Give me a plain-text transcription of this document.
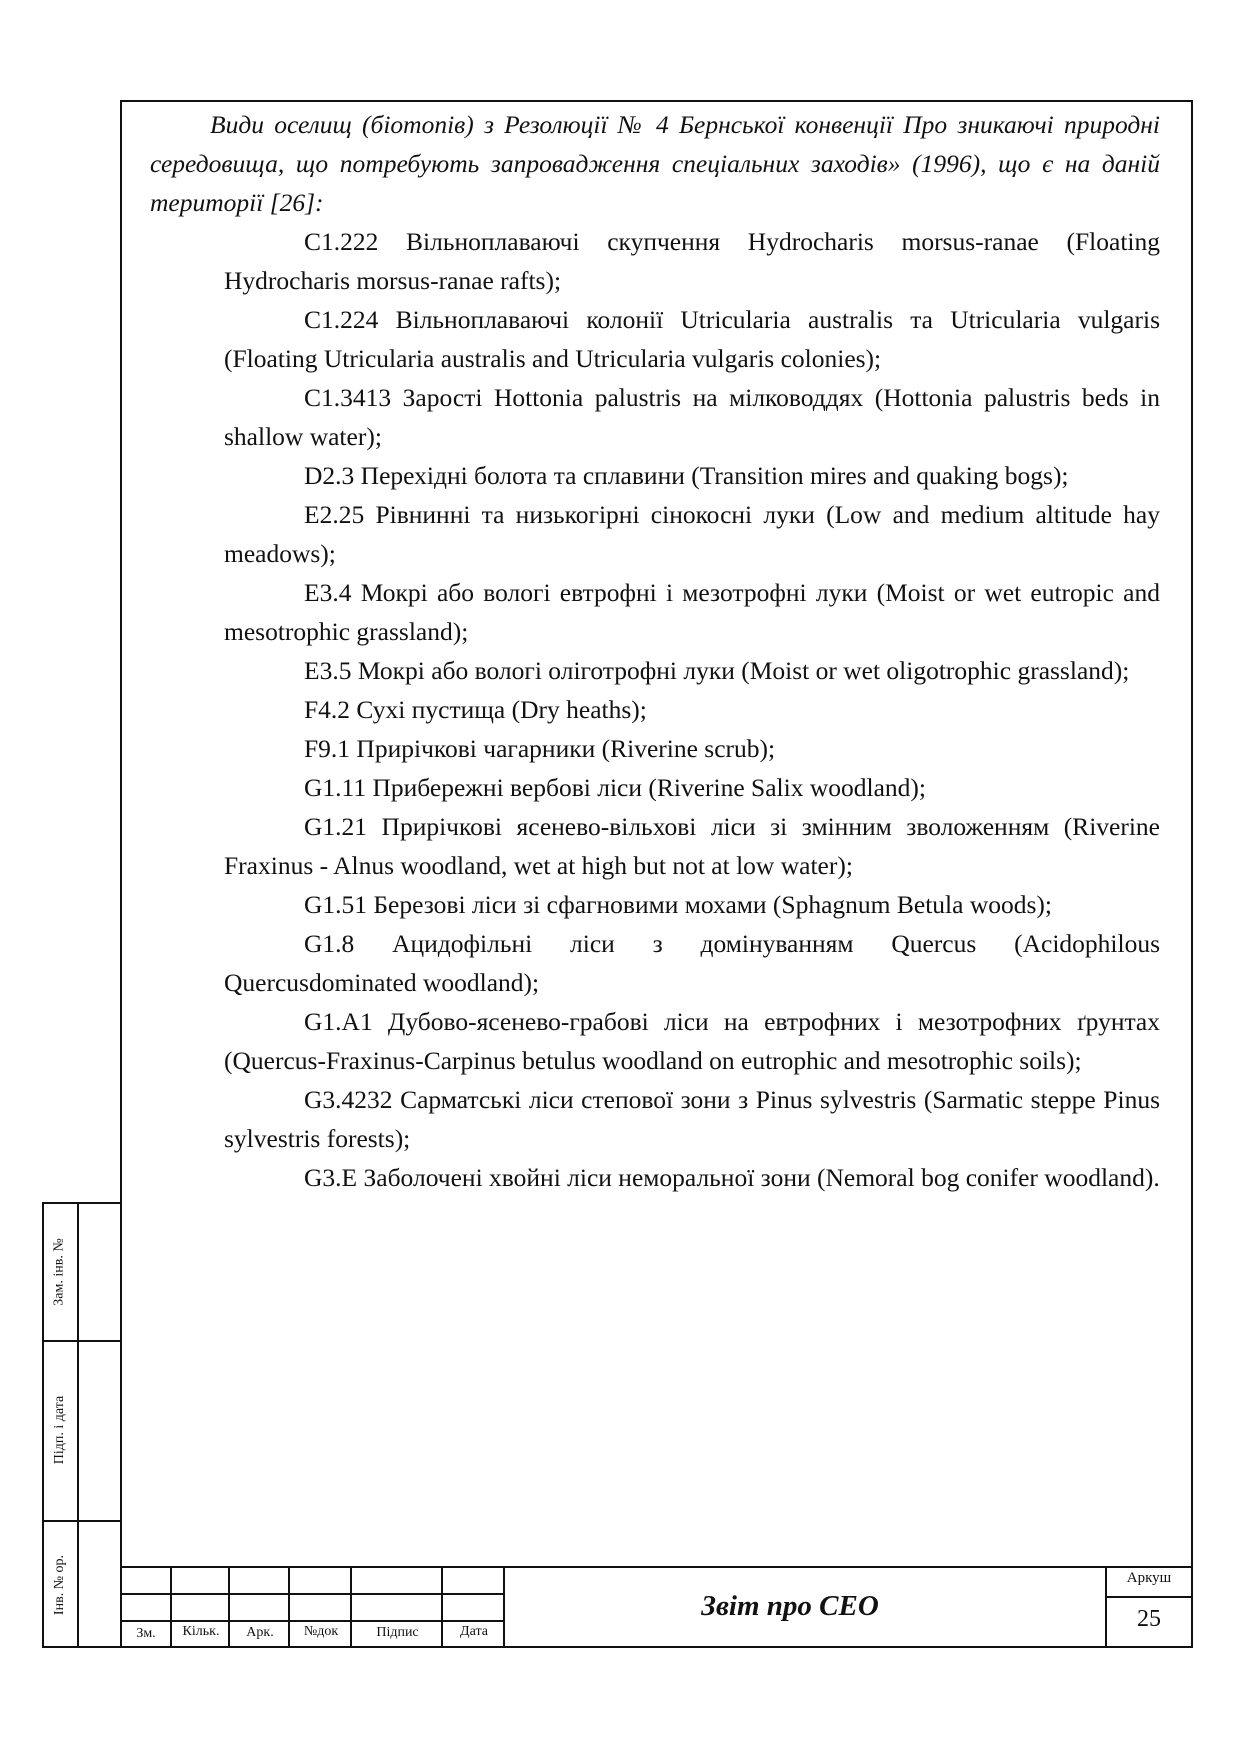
Види оселищ (біотопів) з Резолюції № 4 Бернської конвенції Про зникаючі природні середовища, що потребують запровадження спеціальних заходів» (1996), що є на даній території [26]:

C1.222 Вільноплаваючі скупчення Hydrocharis morsus-ranae (Floating Hydrocharis morsus-ranae rafts);

C1.224 Вільноплаваючі колонії Utricularia australis та Utricularia vulgaris (Floating Utricularia australis and Utricularia vulgaris colonies);

C1.3413 Зарості Hottonia palustris на мілководдях (Hottonia palustris beds in shallow water);

D2.3 Перехідні болота та сплавини (Transition mires and quaking bogs);

E2.25 Рівнинні та низькогірні сінокосні луки (Low and medium altitude hay meadows);

E3.4 Мокрі або вологі евтрофні і мезотрофні луки (Moist or wet eutropic and mesotrophic grassland);

E3.5 Мокрі або вологі оліготрофні луки (Moist or wet oligotrophic grassland);

F4.2 Сухі пустища (Dry heaths);

F9.1 Прирічкові чагарники (Riverine scrub);

G1.11 Прибережні вербові ліси (Riverine Salix woodland);

G1.21 Прирічкові ясенево-вільхові ліси зі змінним зволоженням (Riverine Fraxinus - Alnus woodland, wet at high but not at low water);

G1.51 Березові ліси зі сфагновими мохами (Sphagnum Betula woods);

G1.8 Ацидофільні ліси з домінуванням Quercus (Acidophilous Quercusdominated woodland);

G1.A1 Дубово-ясенево-грабові ліси на евтрофних і мезотрофних ґрунтах (Quercus-Fraxinus-Carpinus betulus woodland on eutrophic and mesotrophic soils);

G3.4232 Сарматські ліси степової зони з Pinus sylvestris (Sarmatic steppe Pinus sylvestris forests);

G3.E Заболочені хвойні ліси неморальної зони (Nemoral bog conifer woodland).

Зам. інв. №
Підп. і дата
Інв. № ор.
Зм.	Кільк.	Арк.	№док	Підпис	Дата
Звіт про СЕО
Аркуш
25
